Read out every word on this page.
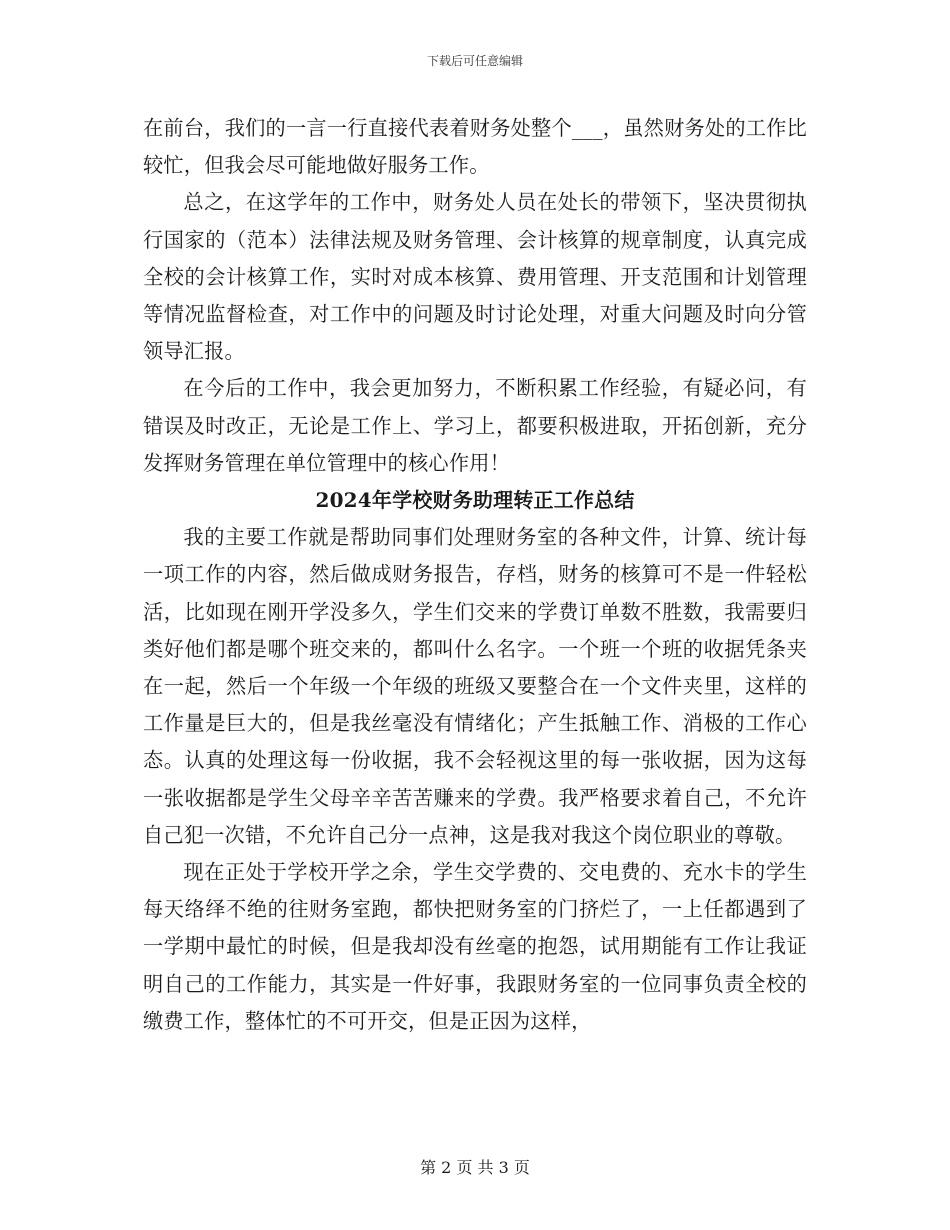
下载后可任意编辑

在前台，我们的一言一行直接代表着财务处整个___，虽然财务处的工作比较忙，但我会尽可能地做好服务工作。

总之，在这学年的工作中，财务处人员在处长的带领下，坚决贯彻执行国家的（范本）法律法规及财务管理、会计核算的规章制度，认真完成全校的会计核算工作，实时对成本核算、费用管理、开支范围和计划管理等情况监督检查，对工作中的问题及时讨论处理，对重大问题及时向分管领导汇报。

在今后的工作中，我会更加努力，不断积累工作经验，有疑必问，有错误及时改正，无论是工作上、学习上，都要积极进取，开拓创新，充分发挥财务管理在单位管理中的核心作用！

2024年学校财务助理转正工作总结

我的主要工作就是帮助同事们处理财务室的各种文件，计算、统计每一项工作的内容，然后做成财务报告，存档，财务的核算可不是一件轻松活，比如现在刚开学没多久，学生们交来的学费订单数不胜数，我需要归类好他们都是哪个班交来的，都叫什么名字。一个班一个班的收据凭条夹在一起，然后一个年级一个年级的班级又要整合在一个文件夹里，这样的工作量是巨大的，但是我丝毫没有情绪化；产生抵触工作、消极的工作心态。认真的处理这每一份收据，我不会轻视这里的每一张收据，因为这每一张收据都是学生父母辛辛苦苦赚来的学费。我严格要求着自己，不允许自己犯一次错，不允许自己分一点神，这是我对我这个岗位职业的尊敬。

现在正处于学校开学之余，学生交学费的、交电费的、充水卡的学生每天络绎不绝的往财务室跑，都快把财务室的门挤烂了，一上任都遇到了一学期中最忙的时候，但是我却没有丝毫的抱怨，试用期能有工作让我证明自己的工作能力，其实是一件好事，我跟财务室的一位同事负责全校的缴费工作，整体忙的不可开交，但是正因为这样，

第 2 页 共 3 页
